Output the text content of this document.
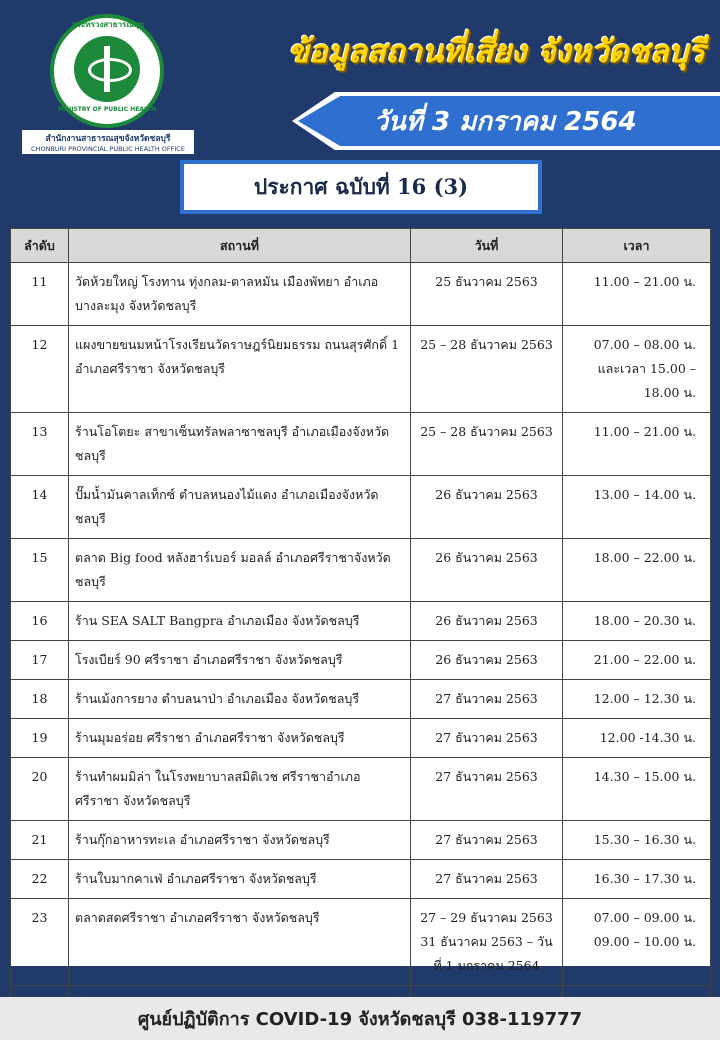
กระทรวงสาธารณสุข
MINISTRY OF PUBLIC HEALTH
สำนักงานสาธารณสุขจังหวัดชลบุรี
CHONBURI PROVINCIAL PUBLIC HEALTH OFFICE
ข้อมูลสถานที่เสี่ยง จังหวัดชลบุรี
วันที่ 3 มกราคม 2564
ประกาศ ฉบับที่ 16 (3)
ลำดับ	สถานที่	วันที่	เวลา
11	วัดห้วยใหญ่ โรงทาน ทุ่งกลม-ตาลหมัน เมืองพัทยา อำเภอบางละมุง จังหวัดชลบุรี	25 ธันวาคม 2563	11.00 – 21.00 น.
12	แผงขายขนมหน้าโรงเรียนวัดราษฎร์นิยมธรรม ถนนสุรศักดิ์ 1 อำเภอศรีราชา จังหวัดชลบุรี	25 – 28 ธันวาคม 2563	07.00 – 08.00 น. และเวลา 15.00 – 18.00 น.
13	ร้านโอโตยะ สาขาเซ็นทรัลพลาซาชลบุรี อำเภอเมืองจังหวัดชลบุรี	25 – 28 ธันวาคม 2563	11.00 – 21.00 น.
14	ปั๊มน้ำมันคาลเท็กซ์ ตำบลหนองไม้แดง อำเภอเมืองจังหวัดชลบุรี	26 ธันวาคม 2563	13.00 – 14.00 น.
15	ตลาด Big food หลังฮาร์เบอร์ มอลล์ อำเภอศรีราชาจังหวัดชลบุรี	26 ธันวาคม 2563	18.00 – 22.00 น.
16	ร้าน SEA SALT Bangpra อำเภอเมือง จังหวัดชลบุรี	26 ธันวาคม 2563	18.00 – 20.30 น.
17	โรงเบียร์ 90 ศรีราชา อำเภอศรีราชา จังหวัดชลบุรี	26 ธันวาคม 2563	21.00 – 22.00 น.
18	ร้านเม้งการยาง ตำบลนาป่า อำเภอเมือง จังหวัดชลบุรี	27 ธันวาคม 2563	12.00 – 12.30 น.
19	ร้านมุมอร่อย ศรีราชา อำเภอศรีราชา จังหวัดชลบุรี	27 ธันวาคม 2563	12.00 -14.30 น.
20	ร้านทำผมมิล่า ในโรงพยาบาลสมิติเวช ศรีราชาอำเภอศรีราชา จังหวัดชลบุรี	27 ธันวาคม 2563	14.30 – 15.00 น.
21	ร้านกุ๊กอาหารทะเล อำเภอศรีราชา จังหวัดชลบุรี	27 ธันวาคม 2563	15.30 – 16.30 น.
22	ร้านใบมากคาเฟ่ อำเภอศรีราชา จังหวัดชลบุรี	27 ธันวาคม 2563	16.30 – 17.30 น.
23	ตลาดสดศรีราชา อำเภอศรีราชา จังหวัดชลบุรี	27 – 29 ธันวาคม 2563 31 ธันวาคม 2563 – วันที่ 1 มกราคม 2564	07.00 – 09.00 น. 09.00 – 10.00 น.

ศูนย์ปฏิบัติการ COVID-19 จังหวัดชลบุรี 038-119777
